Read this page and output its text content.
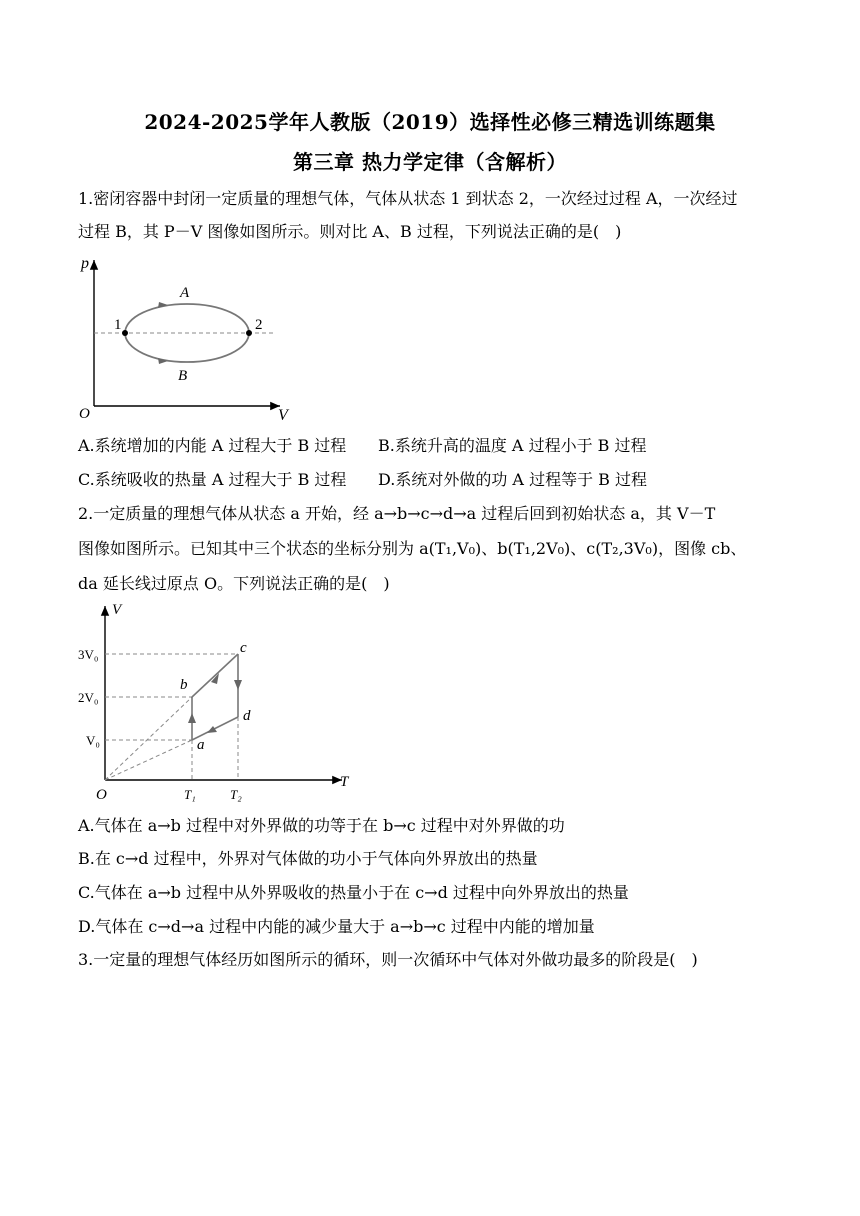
2024-2025学年人教版（2019）选择性必修三精选训练题集
第三章 热力学定律（含解析）
1.密闭容器中封闭一定质量的理想气体，气体从状态 1 到状态 2，一次经过过程 A，一次经过
过程 B，其 P－V 图像如图所示。则对比 A、B 过程，下列说法正确的是(　)
p
V
O
1	2
A
B
A.系统增加的内能 A 过程大于 B 过程 B.系统升高的温度 A 过程小于 B 过程
C.系统吸收的热量 A 过程大于 B 过程 D.系统对外做的功 A 过程等于 B 过程
2.一定质量的理想气体从状态 a 开始，经 a→b→c→d→a 过程后回到初始状态 a，其 V－T
图像如图所示。已知其中三个状态的坐标分别为 a(T₁,V₀)、b(T₁,2V₀)、c(T₂,3V₀)，图像 cb、
da 延长线过原点 O。下列说法正确的是(　)
V
T
O
3V₀
2V₀
V₀
T₁	T₂
a
b
c
d
A.气体在 a→b 过程中对外界做的功等于在 b→c 过程中对外界做的功
B.在 c→d 过程中，外界对气体做的功小于气体向外界放出的热量
C.气体在 a→b 过程中从外界吸收的热量小于在 c→d 过程中向外界放出的热量
D.气体在 c→d→a 过程中内能的减少量大于 a→b→c 过程中内能的增加量
3.一定量的理想气体经历如图所示的循环，则一次循环中气体对外做功最多的阶段是(　)
